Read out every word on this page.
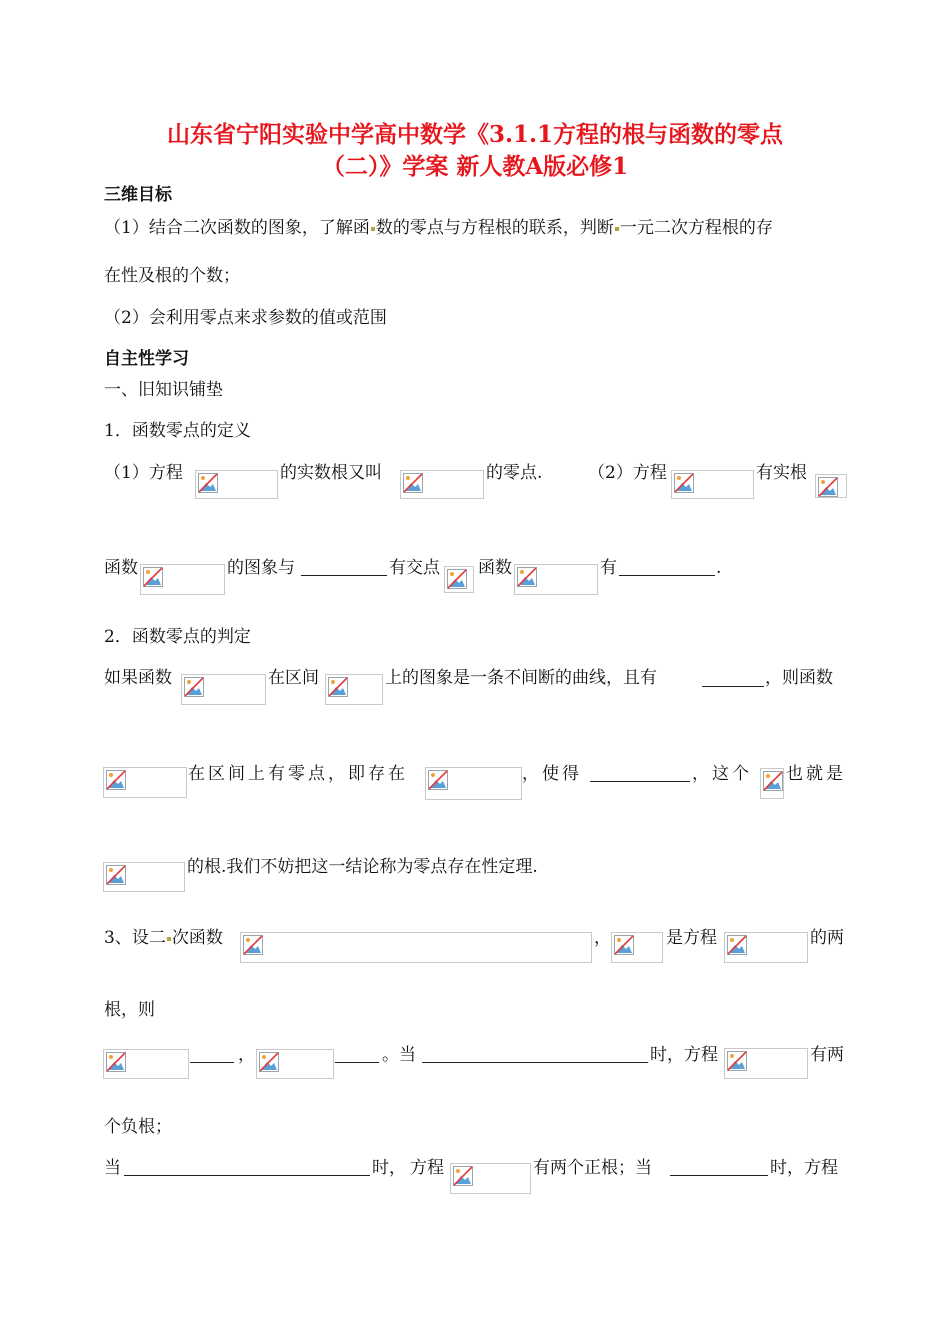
山东省宁阳实验中学高中数学《3.1.1方程的根与函数的零点
（二）》学案 新人教A版必修1
三维目标
（1）结合二次函数的图象，了解函 数的零点与方程根的联系，判断 一元二次方程根的存
在性及根的个数；
（2）会利用零点来求参数的值或范围
自主性学习
一、旧知识铺垫
1．函数零点的定义
（1）方程	的实数根又叫	的零点.	（2）方程	有实根
函数	的图象与	有交点 函数	有	.
2．函数零点的判定
如果函数	在区间	上的图象是一条不间断的曲线，且有	，则函数
在区间上有零点，即存在	，使得	，这个 也就是
的根.我们不妨把这一结论称为零点存在性定理.
3、设二 次函数	，	是方程	的两
根，则
，	。当	时，方程	有两
个负根；
当	时， 方程	有两个正根；当	时，方程
